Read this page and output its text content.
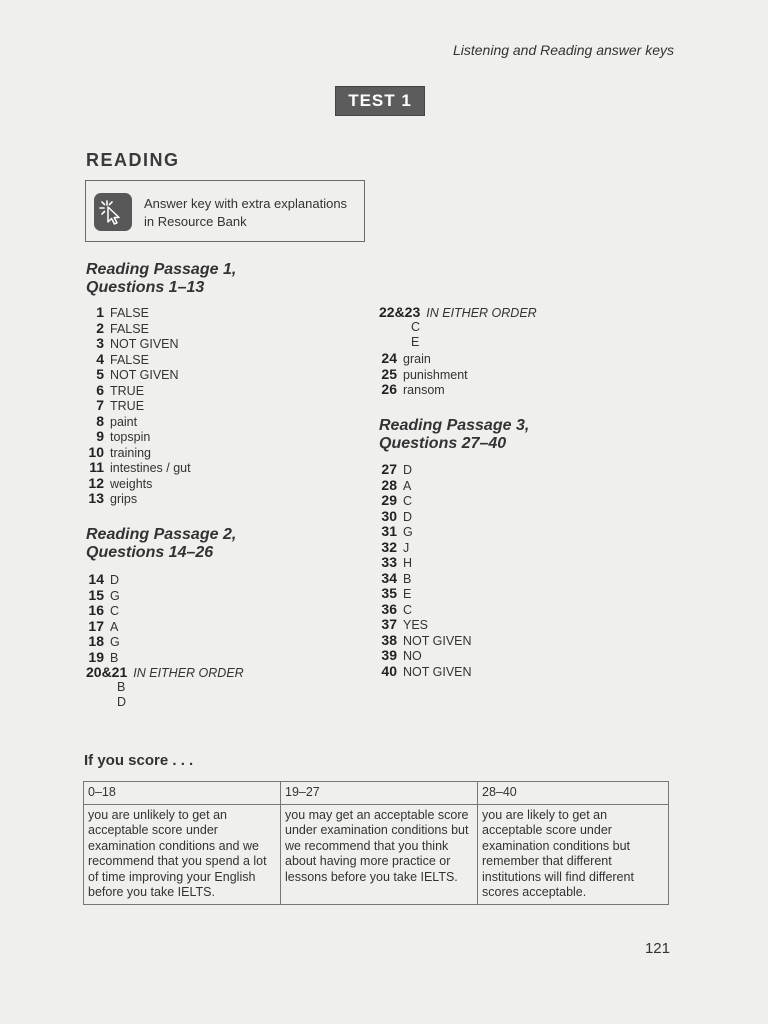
Listening and Reading answer keys
TEST 1
READING
Answer key with extra explanations
in Resource Bank
Reading Passage 1,
Questions 1–13
1 FALSE
2 FALSE
3 NOT GIVEN
4 FALSE
5 NOT GIVEN
6 TRUE
7 TRUE
8 paint
9 topspin
10 training
11 intestines / gut
12 weights
13 grips
Reading Passage 2,
Questions 14–26
14 D
15 G
16 C
17 A
18 G
19 B
20&21 IN EITHER ORDER
B
D
22&23 IN EITHER ORDER
C
E
24 grain
25 punishment
26 ransom
Reading Passage 3,
Questions 27–40
27 D
28 A
29 C
30 D
31 G
32 J
33 H
34 B
35 E
36 C
37 YES
38 NOT GIVEN
39 NO
40 NOT GIVEN
If you score . . .
0–18	19–27	28–40
you are unlikely to get an acceptable score under examination conditions and we recommend that you spend a lot of time improving your English before you take IELTS.	you may get an acceptable score under examination conditions but we recommend that you think about having more practice or lessons before you take IELTS.	you are likely to get an acceptable score under examination conditions but remember that different institutions will find different scores acceptable.
121
